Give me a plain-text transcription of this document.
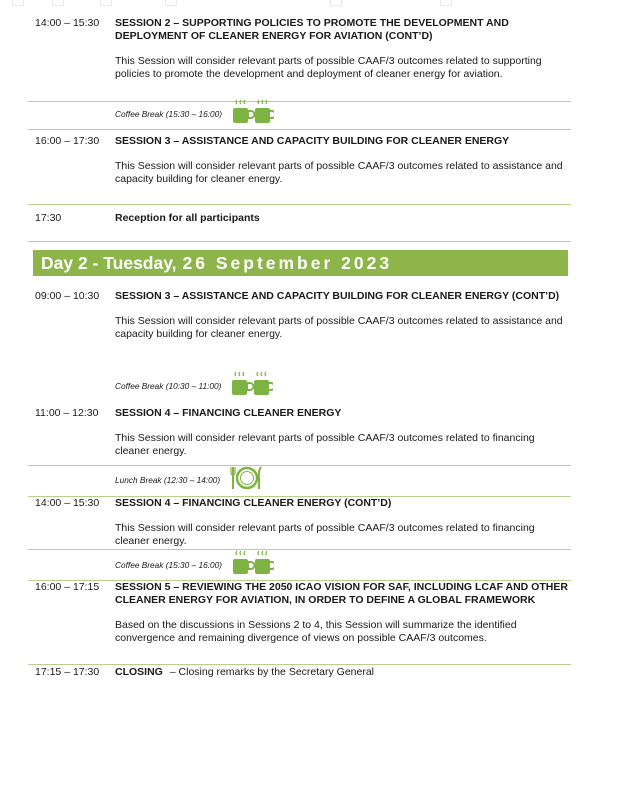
14:00 – 15:30 SESSION 2 – SUPPORTING POLICIES TO PROMOTE THE DEVELOPMENT AND DEPLOYMENT OF CLEANER ENERGY FOR AVIATION (CONT’D)

This Session will consider relevant parts of possible CAAF/3 outcomes related to supporting policies to promote the development and deployment of cleaner energy for aviation.

Coffee Break (15:30 – 16:00)
16:00 – 17:30 SESSION 3 – ASSISTANCE AND CAPACITY BUILDING FOR CLEANER ENERGY

This Session will consider relevant parts of possible CAAF/3 outcomes related to assistance and capacity building for cleaner energy.

17:30	Reception for all participants

Day 2 - Tuesday, 26 September 2023
09:00 – 10:30 SESSION 3 – ASSISTANCE AND CAPACITY BUILDING FOR CLEANER ENERGY (CONT’D)

This Session will consider relevant parts of possible CAAF/3 outcomes related to assistance and capacity building for cleaner energy.

Coffee Break (10:30 – 11:00)
11:00 – 12:30 SESSION 4 – FINANCING CLEANER ENERGY

This Session will consider relevant parts of possible CAAF/3 outcomes related to financing cleaner energy.

Lunch Break (12:30 – 14:00)
14:00 – 15:30 SESSION 4 – FINANCING CLEANER ENERGY (CONT’D)

This Session will consider relevant parts of possible CAAF/3 outcomes related to financing cleaner energy.

Coffee Break (15:30 – 16:00)
16:00 – 17:15 SESSION 5 – REVIEWING THE 2050 ICAO VISION FOR SAF, INCLUDING LCAF AND OTHER CLEANER ENERGY FOR AVIATION, IN ORDER TO DEFINE A GLOBAL FRAMEWORK

Based on the discussions in Sessions 2 to 4, this Session will summarize the identified convergence and remaining divergence of views on possible CAAF/3 outcomes.

17:15 – 17:30 CLOSING – Closing remarks by the Secretary General
